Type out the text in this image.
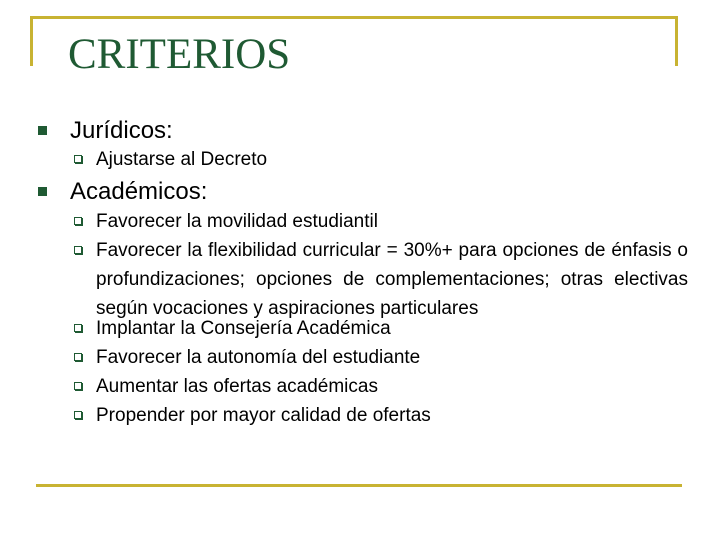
CRITERIOS
Jurídicos:
Ajustarse al Decreto
Académicos:
Favorecer la movilidad estudiantil
Favorecer la flexibilidad curricular = 30%+ para opciones de énfasis o profundizaciones; opciones de complementaciones; otras electivas según vocaciones y aspiraciones particulares
Implantar la Consejería Académica
Favorecer la autonomía del estudiante
Aumentar las ofertas académicas
Propender por mayor calidad de ofertas
